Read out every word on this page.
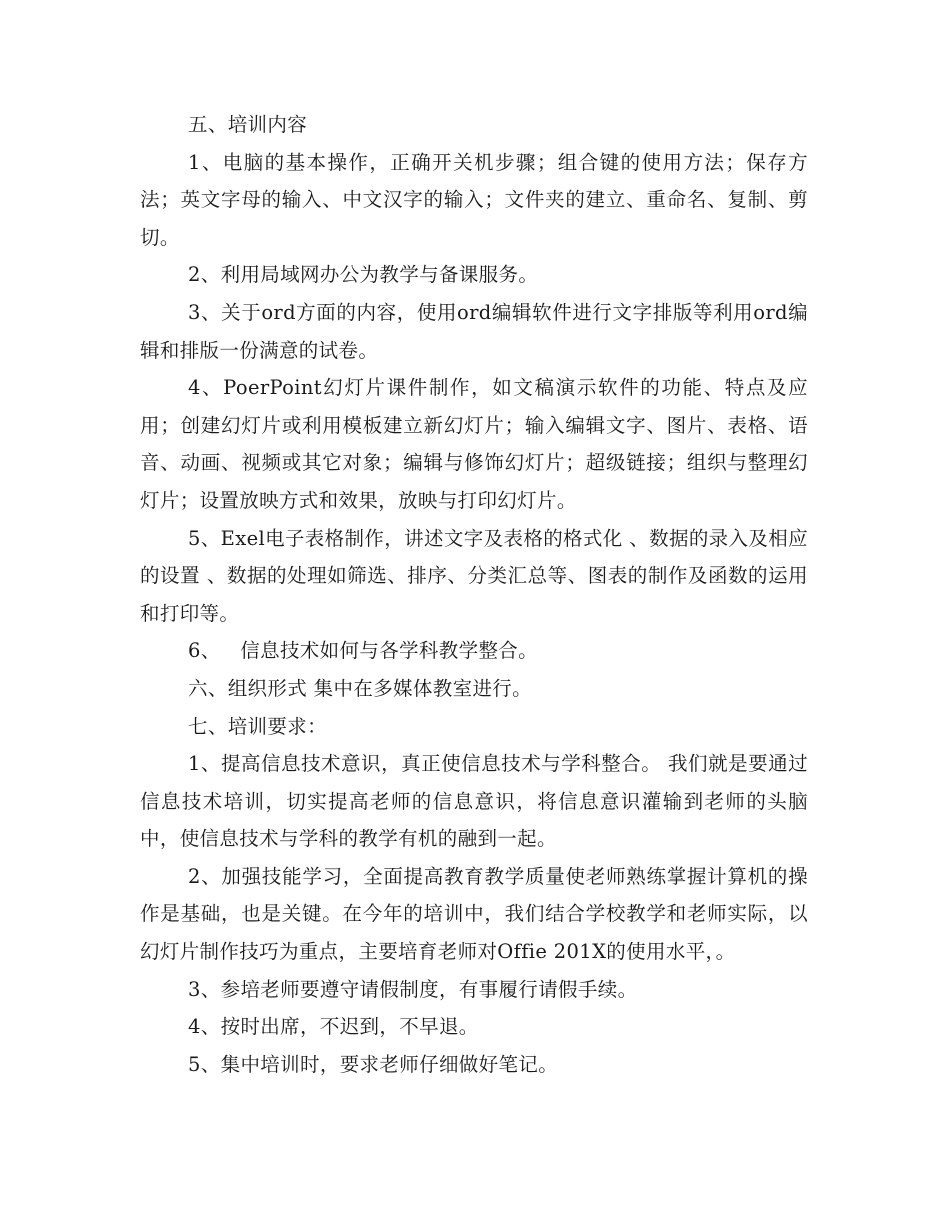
五、培训内容

1、电脑的基本操作，正确开关机步骤；组合键的使用方法；保存方法；英文字母的输入、中文汉字的输入；文件夹的建立、重命名、复制、剪切。

2、利用局域网办公为教学与备课服务。

3、关于ord方面的内容，使用ord编辑软件进行文字排版等利用ord编辑和排版一份满意的试卷。

4、PoerPoint幻灯片课件制作，如文稿演示软件的功能、特点及应用；创建幻灯片或利用模板建立新幻灯片；输入编辑文字、图片、表格、语音、动画、视频或其它对象；编辑与修饰幻灯片；超级链接；组织与整理幻灯片；设置放映方式和效果，放映与打印幻灯片。

5、Exel电子表格制作，讲述文字及表格的格式化 、数据的录入及相应的设置 、数据的处理如筛选、排序、分类汇总等、图表的制作及函数的运用和打印等。

6、   信息技术如何与各学科教学整合。

六、组织形式 集中在多媒体教室进行。

七、培训要求：

1、提高信息技术意识，真正使信息技术与学科整合。 我们就是要通过信息技术培训，切实提高老师的信息意识，将信息意识灌输到老师的头脑中，使信息技术与学科的教学有机的融到一起。

2、加强技能学习，全面提高教育教学质量使老师熟练掌握计算机的操作是基础，也是关键。在今年的培训中，我们结合学校教学和老师实际，以幻灯片制作技巧为重点，主要培育老师对Offie 201X的使用水平，。

3、参培老师要遵守请假制度，有事履行请假手续。

4、按时出席，不迟到，不早退。

5、集中培训时，要求老师仔细做好笔记。
